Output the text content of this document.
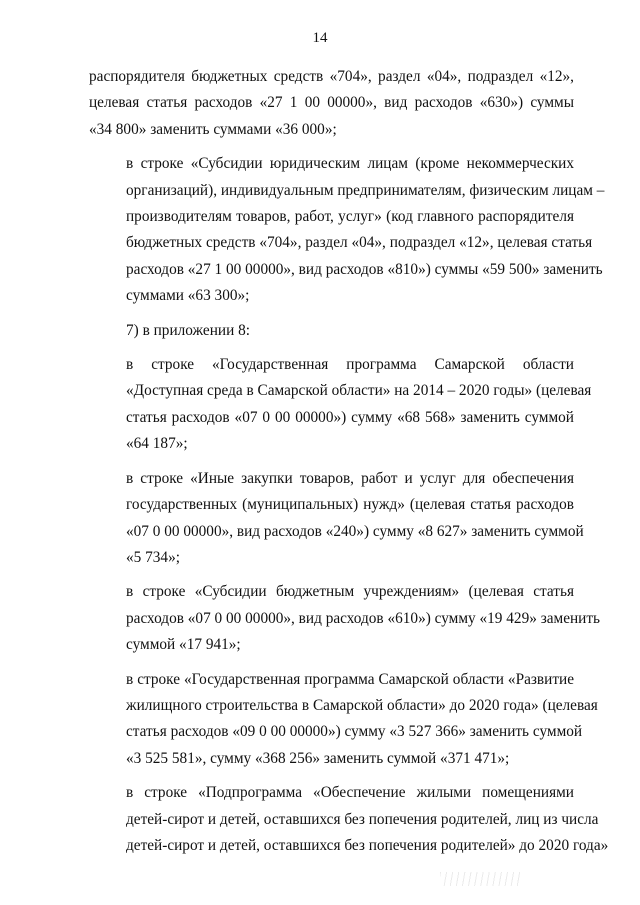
14
распорядителя бюджетных средств «704», раздел «04», подраздел «12»,
целевая статья расходов «27 1 00 00000», вид расходов «630») суммы
«34 800» заменить суммами «36 000»;
в строке «Субсидии юридическим лицам (кроме некоммерческих
организаций), индивидуальным предпринимателям, физическим лицам –
производителям товаров, работ, услуг» (код главного распорядителя
бюджетных средств «704», раздел «04», подраздел «12», целевая статья
расходов «27 1 00 00000», вид расходов «810») суммы «59 500» заменить
суммами «63 300»;
7) в приложении 8:
в строке «Государственная программа Самарской области
«Доступная среда в Самарской области» на 2014 – 2020 годы» (целевая
статья расходов «07 0 00 00000») сумму «68 568» заменить суммой
«64 187»;
в строке «Иные закупки товаров, работ и услуг для обеспечения
государственных (муниципальных) нужд» (целевая статья расходов
«07 0 00 00000», вид расходов «240») сумму «8 627» заменить суммой
«5 734»;
в строке «Субсидии бюджетным учреждениям» (целевая статья
расходов «07 0 00 00000», вид расходов «610») сумму «19 429» заменить
суммой «17 941»;
в строке «Государственная программа Самарской области «Развитие
жилищного строительства в Самарской области» до 2020 года» (целевая
статья расходов «09 0 00 00000») сумму «3 527 366» заменить суммой
«3 525 581», сумму «368 256» заменить суммой «371 471»;
в строке «Подпрограмма «Обеспечение жилыми помещениями
детей-сирот и детей, оставшихся без попечения родителей, лиц из числа
детей-сирот и детей, оставшихся без попечения родителей» до 2020 года»
